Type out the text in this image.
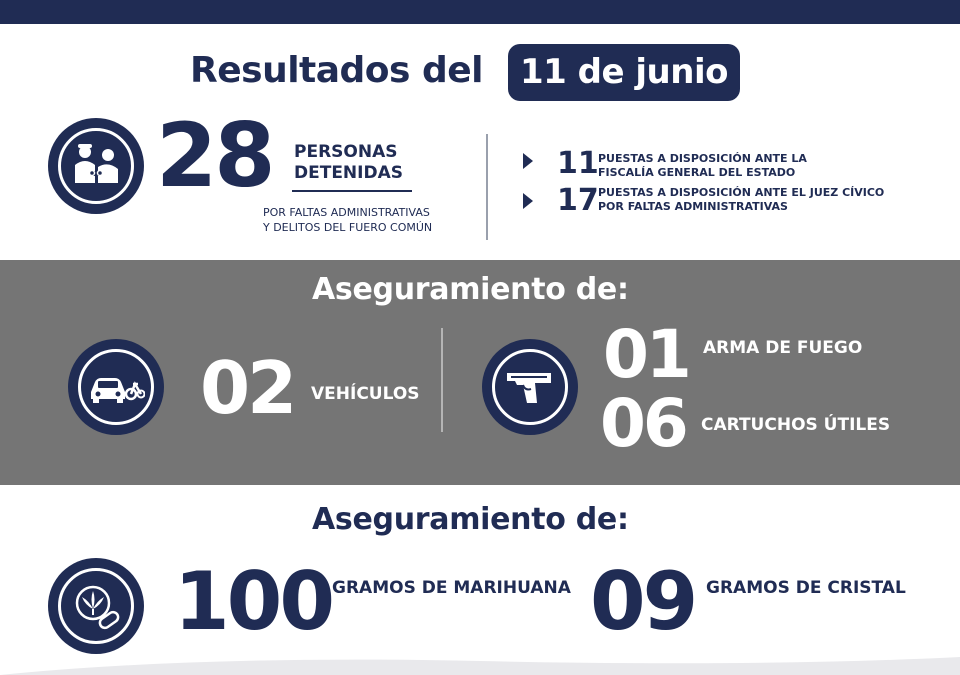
Resultados del	11 de junio
28 PERSONAS
DETENIDAS
POR FALTAS ADMINISTRATIVAS
Y DELITOS DEL FUERO COMÚN
11 PUESTAS A DISPOSICIÓN ANTE LA
FISCALÍA GENERAL DEL ESTADO
17 PUESTAS A DISPOSICIÓN ANTE EL JUEZ CÍVICO
POR FALTAS ADMINISTRATIVAS
Aseguramiento de:
02 VEHÍCULOS
01 ARMA DE FUEGO
06 CARTUCHOS ÚTILES
Aseguramiento de:
100 GRAMOS DE MARIHUANA 09 GRAMOS DE CRISTAL
